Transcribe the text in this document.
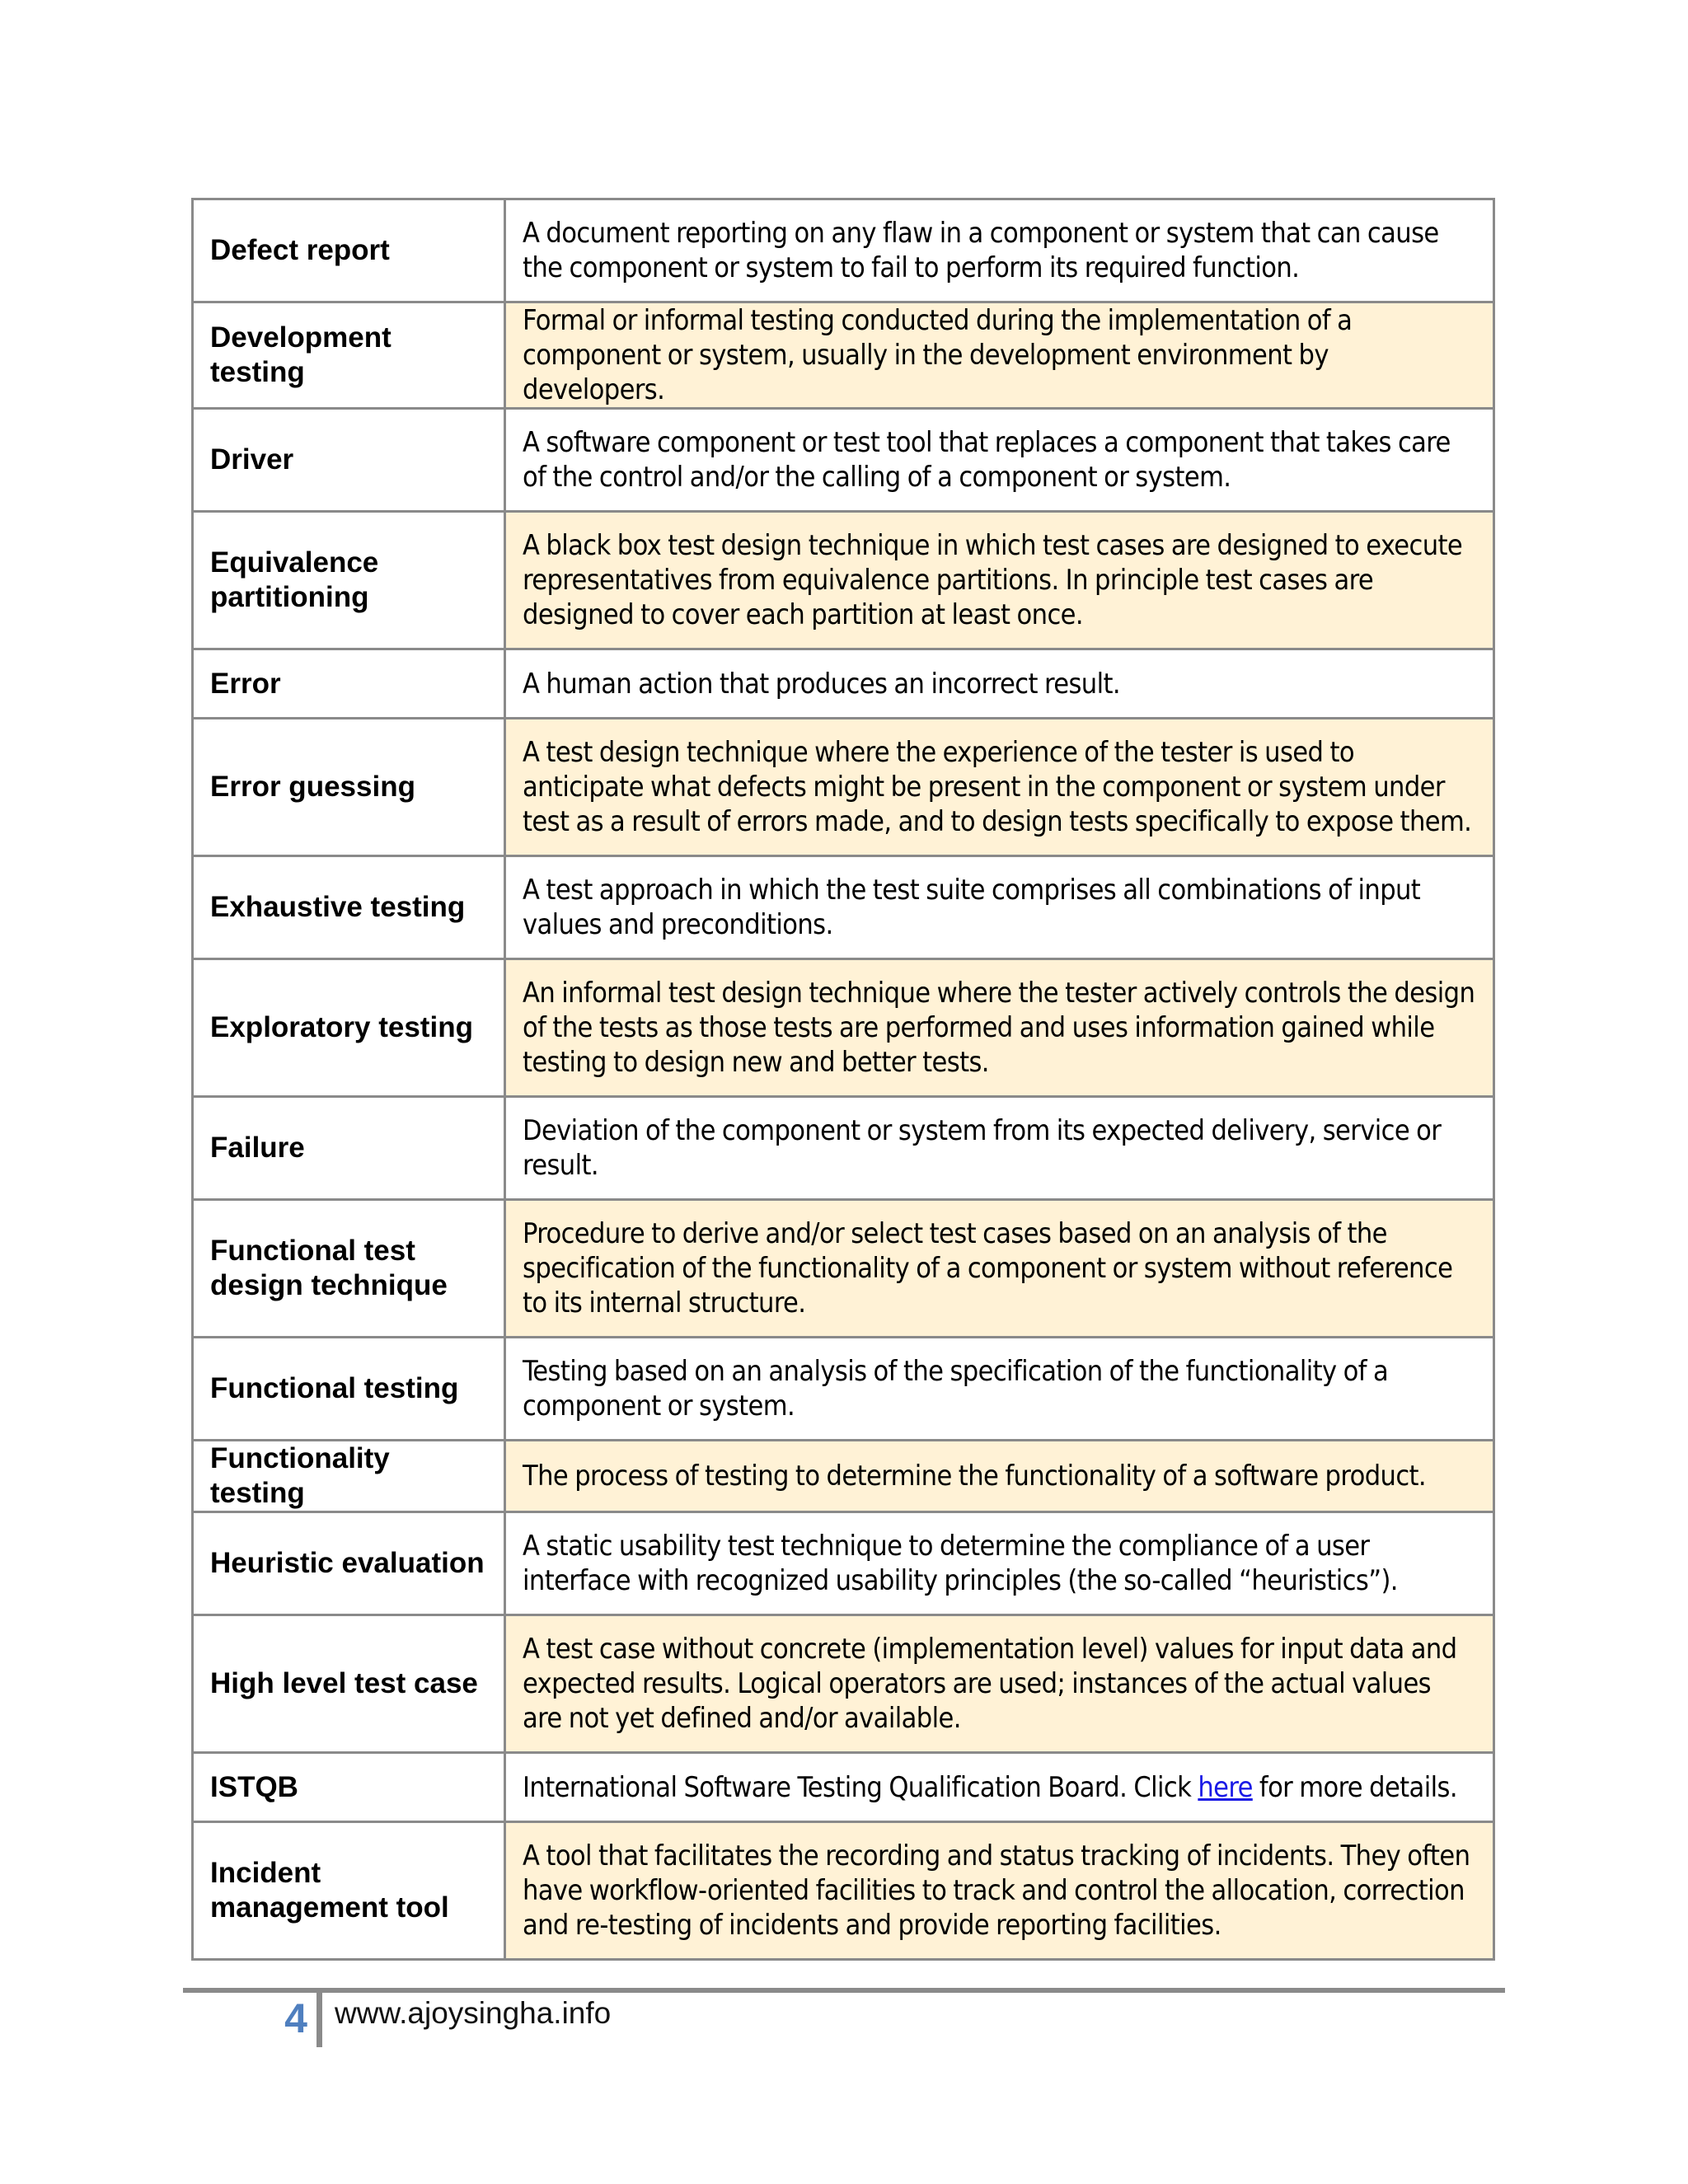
Defect report	A document reporting on any flaw in a component or system that can cause the component or system to fail to perform its required function.
Development testing	Formal or informal testing conducted during the implementation of a component or system, usually in the development environment by developers.
Driver	A software component or test tool that replaces a component that takes care of the control and/or the calling of a component or system.
Equivalence partitioning	A black box test design technique in which test cases are designed to execute representatives from equivalence partitions. In principle test cases are designed to cover each partition at least once.
Error	A human action that produces an incorrect result.
Error guessing	A test design technique where the experience of the tester is used to anticipate what defects might be present in the component or system under test as a result of errors made, and to design tests specifically to expose them.
Exhaustive testing	A test approach in which the test suite comprises all combinations of input values and preconditions.
Exploratory testing	An informal test design technique where the tester actively controls the design of the tests as those tests are performed and uses information gained while testing to design new and better tests.
Failure	Deviation of the component or system from its expected delivery, service or result.
Functional test design technique	Procedure to derive and/or select test cases based on an analysis of the specification of the functionality of a component or system without reference to its internal structure.
Functional testing	Testing based on an analysis of the specification of the functionality of a component or system.
Functionality testing	The process of testing to determine the functionality of a software product.
Heuristic evaluation	A static usability test technique to determine the compliance of a user interface with recognized usability principles (the so-called “heuristics”).
High level test case	A test case without concrete (implementation level) values for input data and expected results. Logical operators are used; instances of the actual values are not yet defined and/or available.
ISTQB	International Software Testing Qualification Board. Click here for more details.
Incident management tool	A tool that facilitates the recording and status tracking of incidents. They often have workflow-oriented facilities to track and control the allocation, correction and re-testing of incidents and provide reporting facilities.
4 www.ajoysingha.info
